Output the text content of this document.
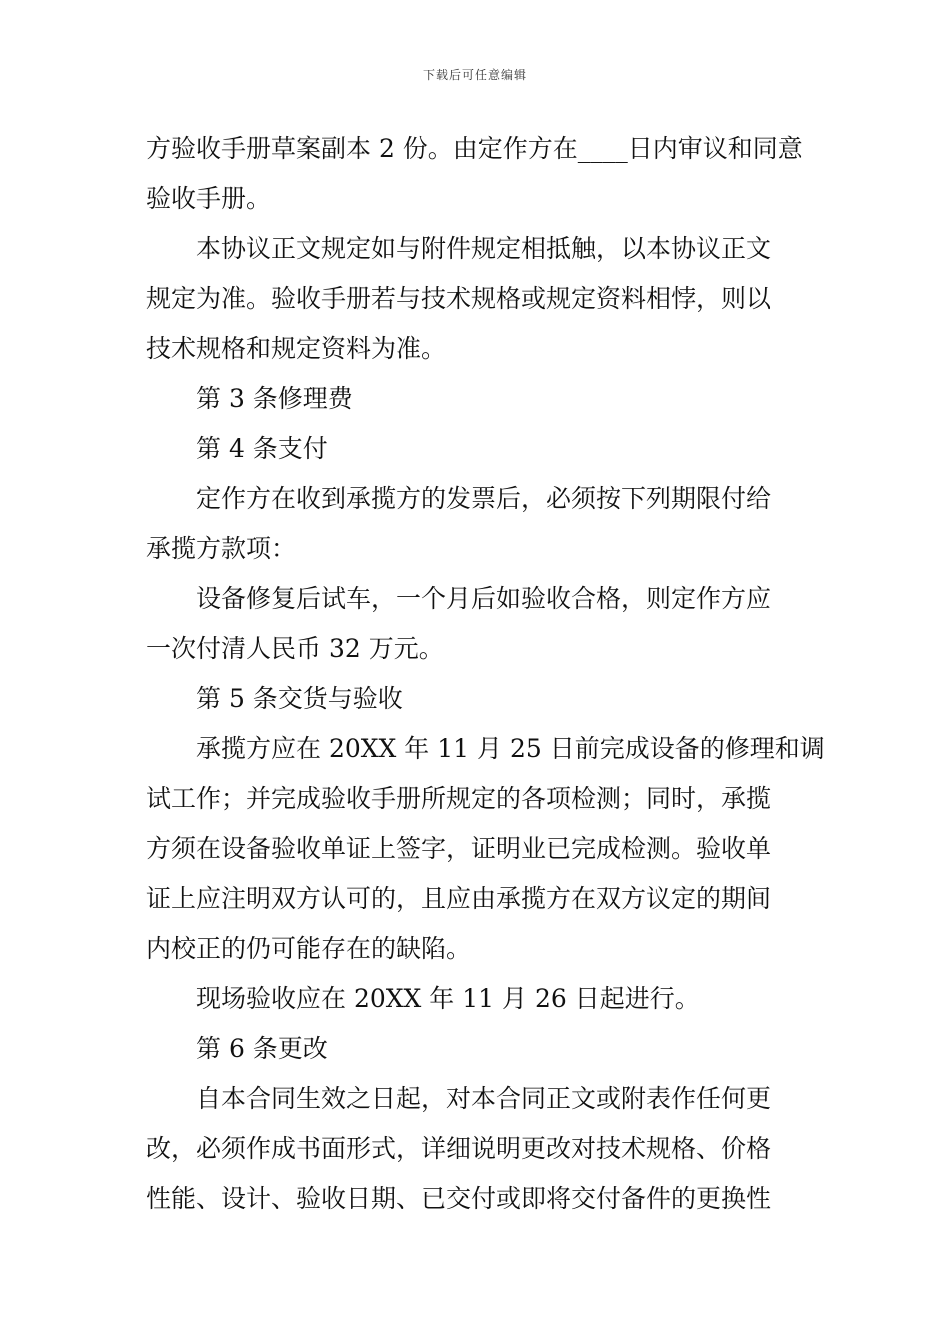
下载后可任意编辑
方验收手册草案副本 2 份。由定作方在____日内审议和同意
验收手册。
本协议正文规定如与附件规定相抵触，以本协议正文
规定为准。验收手册若与技术规格或规定资料相悖，则以
技术规格和规定资料为准。
第 3 条修理费
第 4 条支付
定作方在收到承揽方的发票后，必须按下列期限付给
承揽方款项：
设备修复后试车，一个月后如验收合格，则定作方应
一次付清人民币 32 万元。
第 5 条交货与验收
承揽方应在 20XX 年 11 月 25 日前完成设备的修理和调
试工作；并完成验收手册所规定的各项检测；同时，承揽
方须在设备验收单证上签字，证明业已完成检测。验收单
证上应注明双方认可的，且应由承揽方在双方议定的期间
内校正的仍可能存在的缺陷。
现场验收应在 20XX 年 11 月 26 日起进行。
第 6 条更改
自本合同生效之日起，对本合同正文或附表作任何更
改，必须作成书面形式，详细说明更改对技术规格、价格
性能、设计、验收日期、已交付或即将交付备件的更换性
